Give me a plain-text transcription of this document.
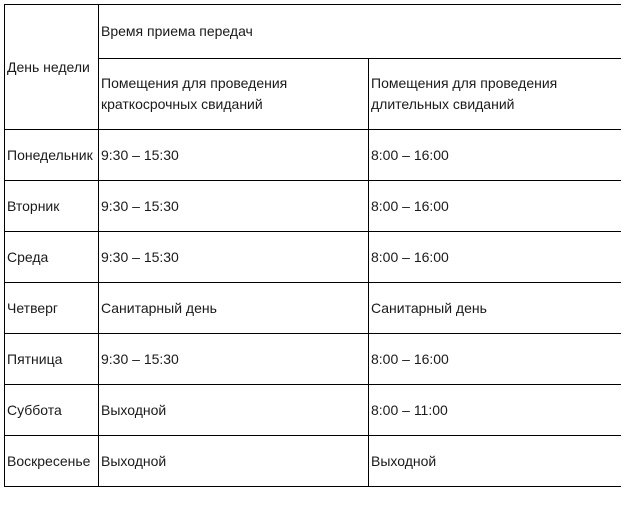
День недели	Время приема передач	
	Помещения для проведения краткосрочных свиданий	Помещения для проведения длительных свиданий
Понедельник	9:30 – 15:30	8:00 – 16:00
Вторник	9:30 – 15:30	8:00 – 16:00
Среда	9:30 – 15:30	8:00 – 16:00
Четверг	Санитарный день	Санитарный день
Пятница	9:30 – 15:30	8:00 – 16:00
Суббота	Выходной	8:00 – 11:00
Воскресенье	Выходной	Выходной
